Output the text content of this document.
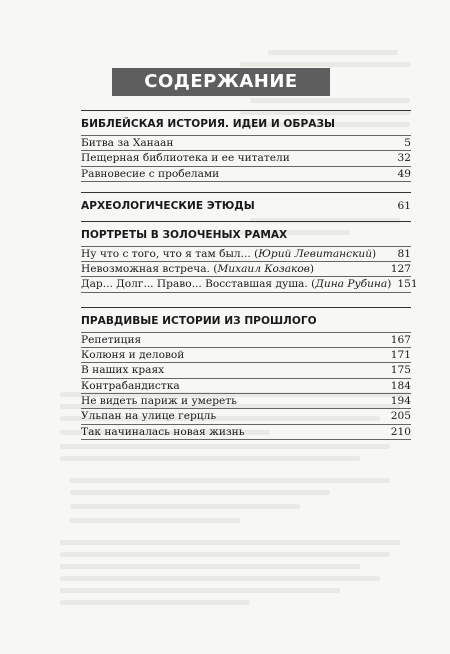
СОДЕРЖАНИЕ
БИБЛЕЙСКАЯ ИСТОРИЯ. ИДЕИ И ОБРАЗЫ
Битва за Ханаан	5
Пещерная библиотека и ее читатели	32
Равновесие с пробелами	49
АРХЕОЛОГИЧЕСКИЕ ЭТЮДЫ	61
ПОРТРЕТЫ В ЗОЛОЧЕНЫХ РАМАХ
Ну что с того, что я там был... (Юрий Левитанский)	81
Невозможная встреча. (Михаил Козаков)	127
Дар... Долг... Право... Восставшая душа. (Дина Рубина) 151
ПРАВДИВЫЕ ИСТОРИИ ИЗ ПРОШЛОГО
Репетиция	167
Колюня и деловой	171
В наших краях	175
Контрабандистка	184
Не видеть париж и умереть	194
Ульпан на улице герцль	205
Так начиналась новая жизнь	210
